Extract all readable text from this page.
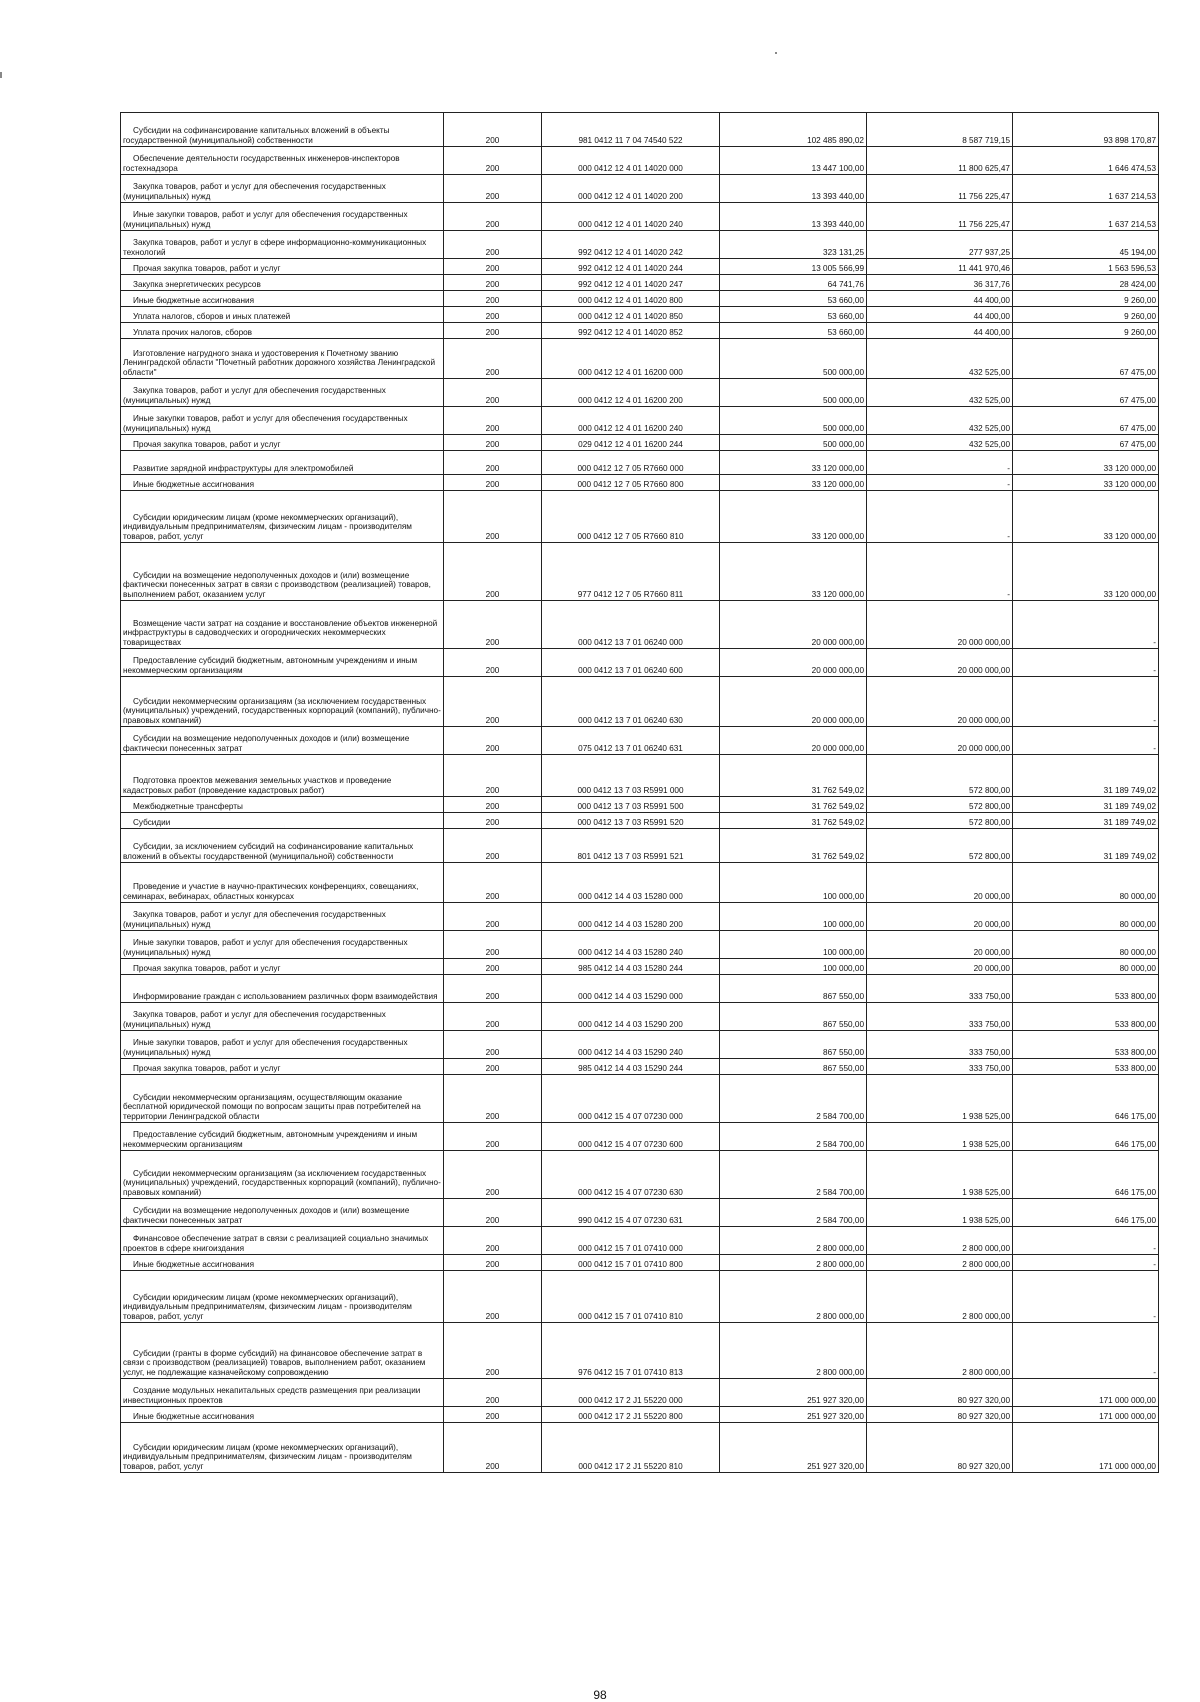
Субсидии на софинансирование капитальных вложений в объекты государственной (муниципальной) собственности	200	981 0412 11 7 04 74540 522	102 485 890,02	8 587 719,15	93 898 170,87

Обеспечение деятельности государственных инженеров-инспекторов гостехнадзора	200	000 0412 12 4 01 14020 000	13 447 100,00	11 800 625,47	1 646 474,53

Закупка товаров, работ и услуг для обеспечения государственных (муниципальных) нужд	200	000 0412 12 4 01 14020 200	13 393 440,00	11 756 225,47	1 637 214,53

Иные закупки товаров, работ и услуг для обеспечения государственных (муниципальных) нужд	200	000 0412 12 4 01 14020 240	13 393 440,00	11 756 225,47	1 637 214,53

Закупка товаров, работ и услуг в сфере информационно-коммуникационных технологий	200	992 0412 12 4 01 14020 242	323 131,25	277 937,25	45 194,00

Прочая закупка товаров, работ и услуг	200	992 0412 12 4 01 14020 244	13 005 566,99	11 441 970,46	1 563 596,53

Закупка энергетических ресурсов	200	992 0412 12 4 01 14020 247	64 741,76	36 317,76	28 424,00

Иные бюджетные ассигнования	200	000 0412 12 4 01 14020 800	53 660,00	44 400,00	9 260,00

Уплата налогов, сборов и иных платежей	200	000 0412 12 4 01 14020 850	53 660,00	44 400,00	9 260,00

Уплата прочих налогов, сборов	200	992 0412 12 4 01 14020 852	53 660,00	44 400,00	9 260,00

Изготовление нагрудного знака и удостоверения к Почетному званию Ленинградской области "Почетный работник дорожного хозяйства Ленинградской области"	200	000 0412 12 4 01 16200 000	500 000,00	432 525,00	67 475,00

Закупка товаров, работ и услуг для обеспечения государственных (муниципальных) нужд	200	000 0412 12 4 01 16200 200	500 000,00	432 525,00	67 475,00

Иные закупки товаров, работ и услуг для обеспечения государственных (муниципальных) нужд	200	000 0412 12 4 01 16200 240	500 000,00	432 525,00	67 475,00

Прочая закупка товаров, работ и услуг	200	029 0412 12 4 01 16200 244	500 000,00	432 525,00	67 475,00

Развитие зарядной инфраструктуры для электромобилей	200	000 0412 12 7 05 R7660 000	33 120 000,00	-	33 120 000,00

Иные бюджетные ассигнования	200	000 0412 12 7 05 R7660 800	33 120 000,00	-	33 120 000,00

Субсидии юридическим лицам (кроме некоммерческих организаций), индивидуальным предпринимателям, физическим лицам - производителям товаров, работ, услуг	200	000 0412 12 7 05 R7660 810	33 120 000,00	-	33 120 000,00

Субсидии на возмещение недополученных доходов и (или) возмещение фактически понесенных затрат в связи с производством (реализацией) товаров, выполнением работ, оказанием услуг	200	977 0412 12 7 05 R7660 811	33 120 000,00	-	33 120 000,00

Возмещение части затрат на создание и восстановление объектов инженерной инфраструктуры в садоводческих и огороднических некоммерческих товариществах	200	000 0412 13 7 01 06240 000	20 000 000,00	20 000 000,00	-

Предоставление субсидий бюджетным, автономным учреждениям и иным некоммерческим организациям	200	000 0412 13 7 01 06240 600	20 000 000,00	20 000 000,00	-

Субсидии некоммерческим организациям (за исключением государственных (муниципальных) учреждений, государственных корпораций (компаний), публично-правовых компаний)	200	000 0412 13 7 01 06240 630	20 000 000,00	20 000 000,00	-

Субсидии на возмещение недополученных доходов и (или) возмещение фактически понесенных затрат	200	075 0412 13 7 01 06240 631	20 000 000,00	20 000 000,00	-

Подготовка проектов межевания земельных участков и проведение кадастровых работ (проведение кадастровых работ)	200	000 0412 13 7 03 R5991 000	31 762 549,02	572 800,00	31 189 749,02

Межбюджетные трансферты	200	000 0412 13 7 03 R5991 500	31 762 549,02	572 800,00	31 189 749,02

Субсидии	200	000 0412 13 7 03 R5991 520	31 762 549,02	572 800,00	31 189 749,02

Субсидии, за исключением субсидий на софинансирование капитальных вложений в объекты государственной (муниципальной) собственности	200	801 0412 13 7 03 R5991 521	31 762 549,02	572 800,00	31 189 749,02

Проведение и участие в научно-практических конференциях, совещаниях, семинарах, вебинарах, областных конкурсах	200	000 0412 14 4 03 15280 000	100 000,00	20 000,00	80 000,00

Закупка товаров, работ и услуг для обеспечения государственных (муниципальных) нужд	200	000 0412 14 4 03 15280 200	100 000,00	20 000,00	80 000,00

Иные закупки товаров, работ и услуг для обеспечения государственных (муниципальных) нужд	200	000 0412 14 4 03 15280 240	100 000,00	20 000,00	80 000,00

Прочая закупка товаров, работ и услуг	200	985 0412 14 4 03 15280 244	100 000,00	20 000,00	80 000,00

Информирование граждан с использованием различных форм взаимодействия	200	000 0412 14 4 03 15290 000	867 550,00	333 750,00	533 800,00

Закупка товаров, работ и услуг для обеспечения государственных (муниципальных) нужд	200	000 0412 14 4 03 15290 200	867 550,00	333 750,00	533 800,00

Иные закупки товаров, работ и услуг для обеспечения государственных (муниципальных) нужд	200	000 0412 14 4 03 15290 240	867 550,00	333 750,00	533 800,00

Прочая закупка товаров, работ и услуг	200	985 0412 14 4 03 15290 244	867 550,00	333 750,00	533 800,00

Субсидии некоммерческим организациям, осуществляющим оказание бесплатной юридической помощи по вопросам защиты прав потребителей на территории Ленинградской области	200	000 0412 15 4 07 07230 000	2 584 700,00	1 938 525,00	646 175,00

Предоставление субсидий бюджетным, автономным учреждениям и иным некоммерческим организациям	200	000 0412 15 4 07 07230 600	2 584 700,00	1 938 525,00	646 175,00

Субсидии некоммерческим организациям (за исключением государственных (муниципальных) учреждений, государственных корпораций (компаний), публично-правовых компаний)	200	000 0412 15 4 07 07230 630	2 584 700,00	1 938 525,00	646 175,00

Субсидии на возмещение недополученных доходов и (или) возмещение фактически понесенных затрат	200	990 0412 15 4 07 07230 631	2 584 700,00	1 938 525,00	646 175,00

Финансовое обеспечение затрат в связи с реализацией социально значимых проектов в сфере книгоиздания	200	000 0412 15 7 01 07410 000	2 800 000,00	2 800 000,00	-

Иные бюджетные ассигнования	200	000 0412 15 7 01 07410 800	2 800 000,00	2 800 000,00	-

Субсидии юридическим лицам (кроме некоммерческих организаций), индивидуальным предпринимателям, физическим лицам - производителям товаров, работ, услуг	200	000 0412 15 7 01 07410 810	2 800 000,00	2 800 000,00	-

Субсидии (гранты в форме субсидий) на финансовое обеспечение затрат в связи с производством (реализацией) товаров, выполнением работ, оказанием услуг, не подлежащие казначейскому сопровождению	200	976 0412 15 7 01 07410 813	2 800 000,00	2 800 000,00	-

Создание модульных некапитальных средств размещения при реализации инвестиционных проектов	200	000 0412 17 2 J1 55220 000	251 927 320,00	80 927 320,00	171 000 000,00

Иные бюджетные ассигнования	200	000 0412 17 2 J1 55220 800	251 927 320,00	80 927 320,00	171 000 000,00

Субсидии юридическим лицам (кроме некоммерческих организаций), индивидуальным предпринимателям, физическим лицам - производителям товаров, работ, услуг	200	000 0412 17 2 J1 55220 810	251 927 320,00	80 927 320,00	171 000 000,00
98
